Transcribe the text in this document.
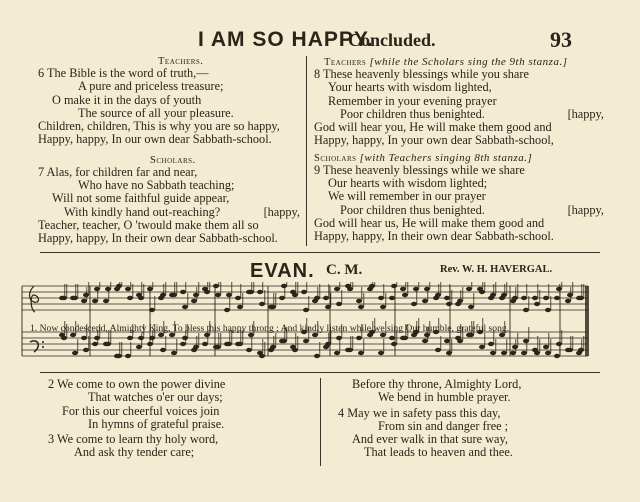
I AM SO HAPPY.
Concluded.	93
Teachers.
6 The Bible is the word of truth,—
A pure and priceless treasure;
O make it in the days of youth
The source of all your pleasure.
Children, children, This is why you are so happy,
Happy, happy, In our own dear Sabbath-school.
Scholars.
7 Alas, for children far and near,
Who have no Sabbath teaching;
Will not some faithful guide appear,
With kindly hand out-reaching?	[happy,
Teacher, teacher, O 'twould make them all so
Happy, happy, In their own dear Sabbath-school.
Teachers [while the Scholars sing the 9th stanza.]
8 These heavenly blessings while you share
Your hearts with wisdom lighted,
Remember in your evening prayer
Poor children thus benighted.	[happy,
God will hear you, He will make them good and
Happy, happy, In your own dear Sabbath-school,
Scholars [with Teachers singing 8th stanza.]
9 These heavenly blessings while we share
Our hearts with wisdom lighted;
We will remember in our prayer
Poor children thus benighted.	[happy,
God will hear us, He will make them good and
Happy, happy, In their own dear Sabbath-school.
EVAN. C. M.	Rev. W. H. HAVERGAL.
1. Now condescend, Almighty King, To bless this happy throng ; And kindly listen while we sing Our humble, grateful song.
2 We come to own the power divine
That watches o'er our days;
For this our cheerful voices join
In hymns of grateful praise.
3 We come to learn thy holy word,
And ask thy tender care;
Before thy throne, Almighty Lord,
We bend in humble prayer.
4 May we in safety pass this day,
From sin and danger free ;
And ever walk in that sure way,
That leads to heaven and thee.
